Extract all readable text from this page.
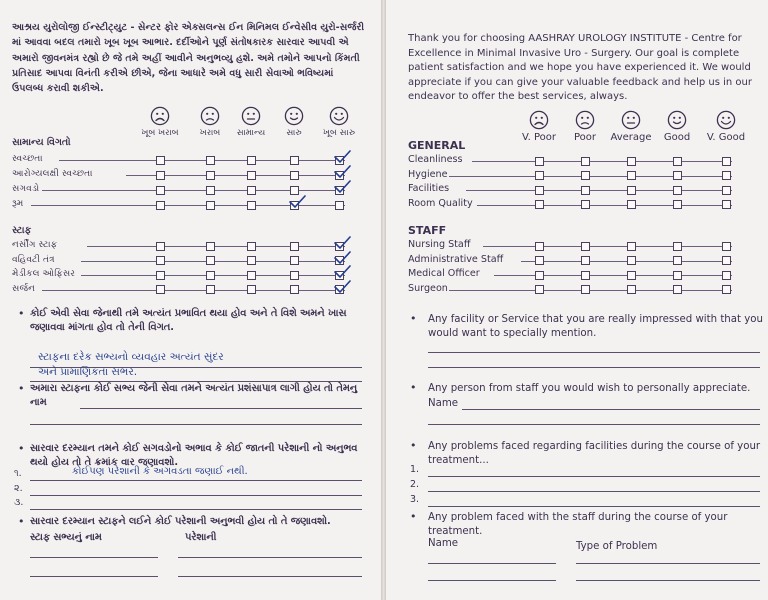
આશ્રય યુરોલોજી ઈન્સ્ટીટ્યુટ - સેન્ટર ફોર એક્સલન્સ ઈન મિનિમલ ઈન્વેસીવ યુરો-સર્જરી માં આવવા બદલ તમારો ખૂબ ખૂબ આભાર. દર્દીઓને પૂર્ણ સંતોષકારક સારવાર આપવી એ અમારો જીવનમંત્ર રહ્યો છે જે તમે અહીં આવીને અનુભવ્યુ હશે. અમે તમોને આપનો કિંમતી પ્રતિસાદ આપવા વિનંતી કરીએ છીએ, જેના આધારે અમે વધુ સારી સેવાઓ ભવિષ્યમાં ઉપલબ્ધ કરાવી શકીએ.
ખૂબ ખરાબ ખરાબ સામાન્ય સારુ ખૂબ સારુ
સામાન્ય વિગતો
સ્વચ્છતા
આરોગ્યલક્ષી સ્વચ્છતા
સગવડો
રૂમ
સ્ટાફ
નર્સીંગ સ્ટાફ
વહિવટી તંત્ર
મેડીકલ ઓફિસર
સર્જન
• કોઈ એવી સેવા જેનાથી તમે અત્યંત પ્રભાવિત થયા હોવ અને તે વિશે અમને ખાસ જણાવવા માંગતા હોવ તો તેની વિગત.
સ્ટાફના દરેક સભ્યનો વ્યવહાર અત્યંત સુંદર
અને પ્રામાણિકતા સભર.
• અમારા સ્ટાફના કોઈ સભ્ય જેની સેવા તમને અત્યંત પ્રશંસાપાત્ર લાગી હોય તો તેમનુ નામ
• સારવાર દરમ્યાન તમને કોઈ સગવડોનો અભાવ કે કોઈ જાતની પરેશાની નો અનુભવ થયો હોય તો તે ક્રમાંક વાર જણાવશો.
૧.
૨.
૩.
કોઈપણ પરેશાની કે અગવડતા જણાઈ નથી.
• સારવાર દરમ્યાન સ્ટાફને લઈને કોઈ પરેશાની અનુભવી હોય તો તે જણાવશો.
સ્ટાફ સભ્યનું નામ	પરેશાની
Thank you for choosing AASHRAY UROLOGY INSTITUTE - Centre for Excellence in Minimal Invasive Uro - Surgery. Our goal is complete patient satisfaction and we hope you have experienced it. We would appreciate if you can give your valuable feedback and help us in our endeavor to offer the best services, always.
V. Poor Poor Average Good V. Good
GENERAL
Cleanliness
Hygiene
Facilities
Room Quality
STAFF
Nursing Staff
Administrative Staff
Medical Officer
Surgeon
• Any facility or Service that you are really impressed with that you would want to specially mention.
• Any person from staff you would wish to personally appreciate.
Name
• Any problems faced regarding facilities during the course of your treatment...
1.
2.
3.
• Any problem faced with the staff during the course of your treatment.
Name	Type of Problem
